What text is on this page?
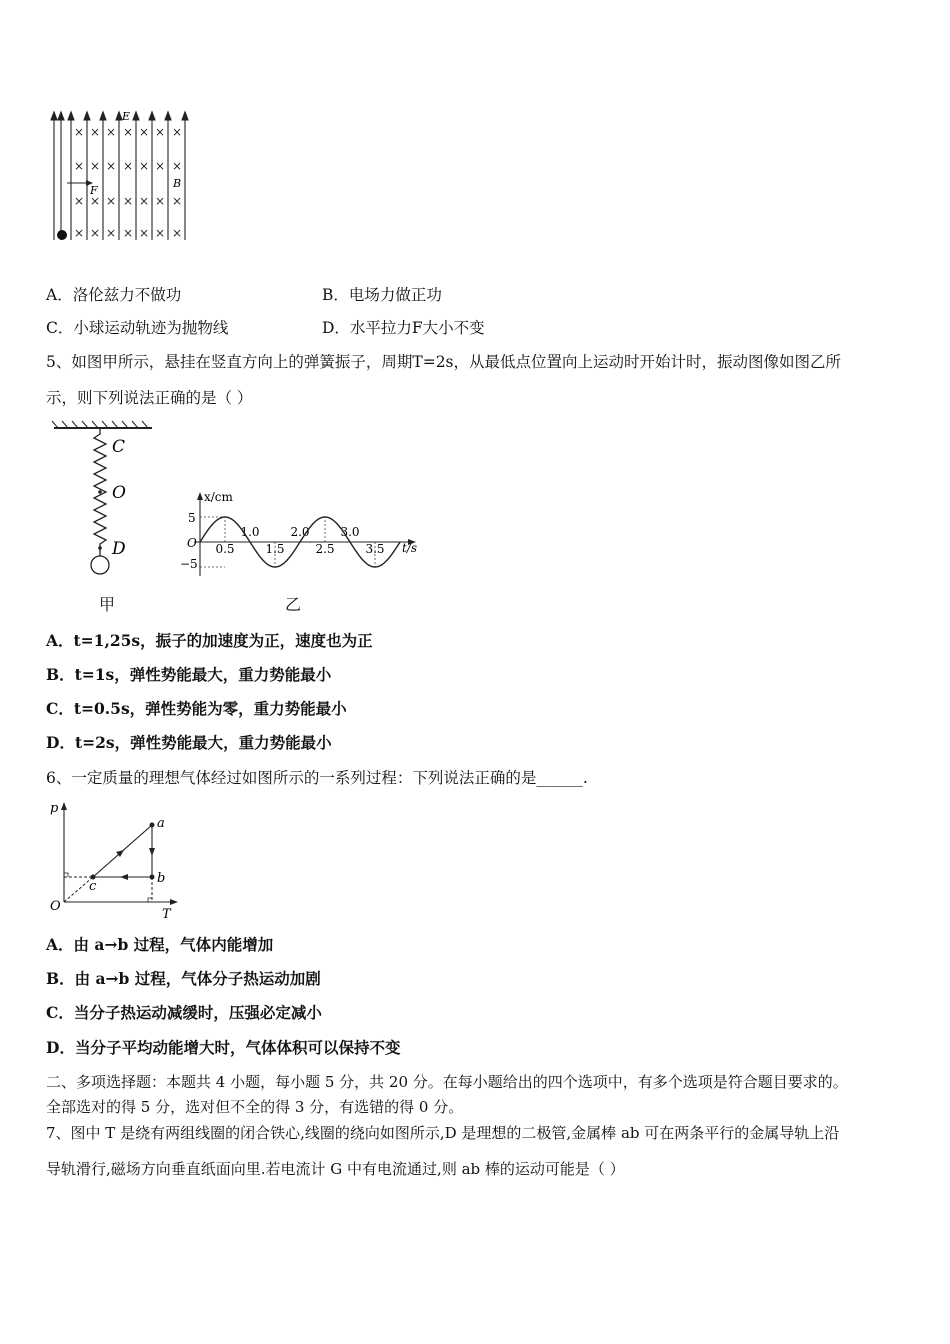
× × × × × × ×
× × × × × × ×
× × × × × × ×
× × × × × × ×
F
E
B
A．洛伦兹力不做功	B．电场力做正功
C．小球运动轨迹为抛物线	D．水平拉力F大小不变
5、如图甲所示，悬挂在竖直方向上的弹簧振子，周期T=2s，从最低点位置向上运动时开始计时，振动图像如图乙所
示，则下列说法正确的是（ ）
C
O
D
甲
x/cm
t/s
O
5
−5
1.0	2.0	3.0
0.5	1.5	2.5	3.5
乙
A．t=1,25s，振子的加速度为正，速度也为正
B．t=1s，弹性势能最大，重力势能最小
C．t=0.5s，弹性势能为零，重力势能最小
D．t=2s，弹性势能最大，重力势能最小
6、一定质量的理想气体经过如图所示的一系列过程：下列说法正确的是______.
p
T
O
a
b
c
A．由 a→b 过程，气体内能增加
B．由 a→b 过程，气体分子热运动加剧
C．当分子热运动减缓时，压强必定减小
D．当分子平均动能增大时，气体体积可以保持不变
二、多项选择题：本题共 4 小题，每小题 5 分，共 20 分。在每小题给出的四个选项中，有多个选项是符合题目要求的。
全部选对的得 5 分，选对但不全的得 3 分，有选错的得 0 分。
7、图中 T 是绕有两组线圈的闭合铁心,线圈的绕向如图所示,D 是理想的二极管,金属棒 ab 可在两条平行的金属导轨上沿
导轨滑行,磁场方向垂直纸面向里.若电流计 G 中有电流通过,则 ab 棒的运动可能是（ ）
